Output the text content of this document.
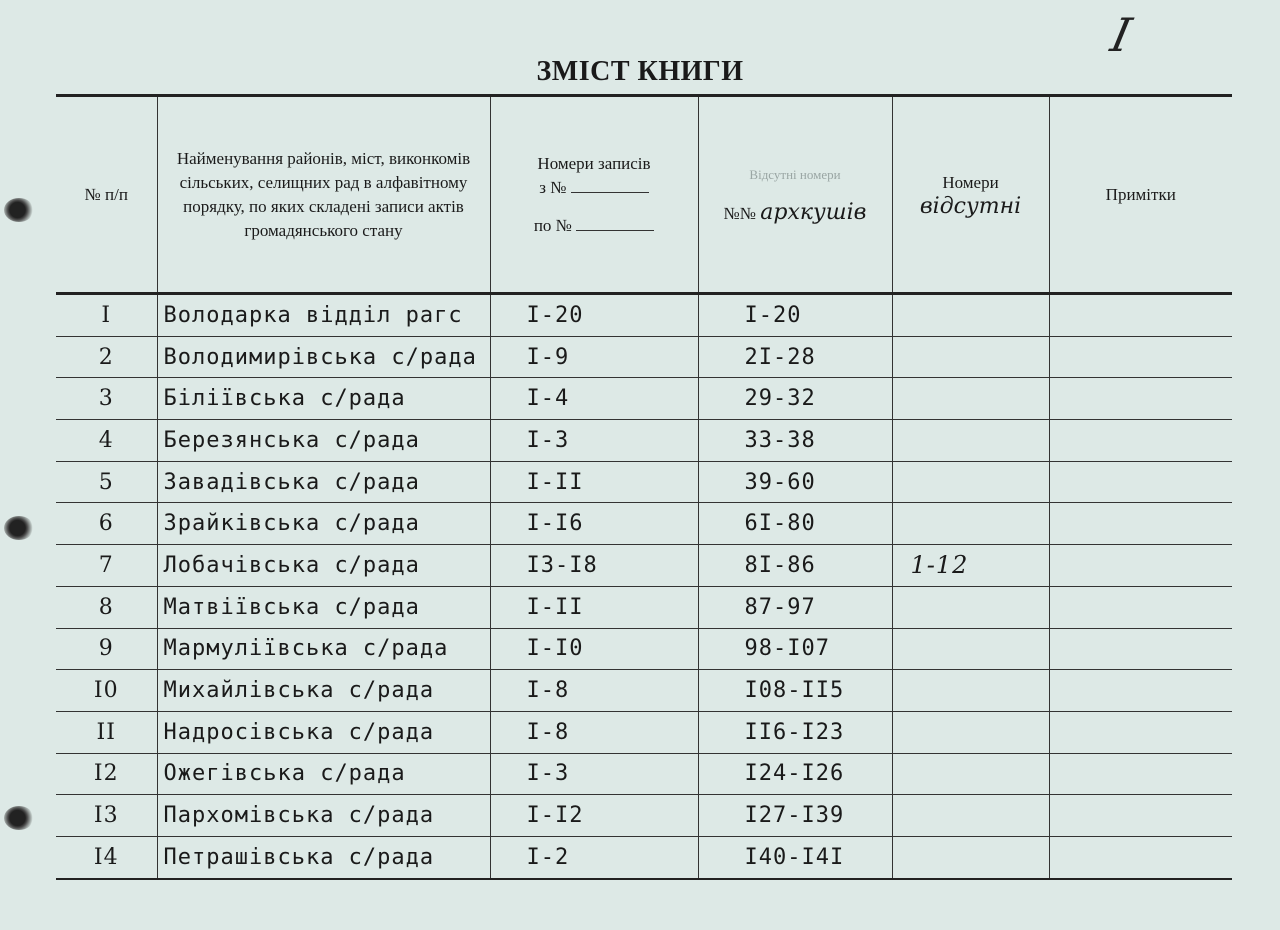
I
ЗМІСТ КНИГИ
№ п/п	Найменування районів, міст, виконкомів сільських, селищних рад в алфавітному порядку, по яких складені записи актів громадянського стану	Номери записів
з №
по №	Відсутні номери
№№ архкушів	Номери
відсутні	Примітки
I	Володарка відділ рагс	I-20	I-20		
2	Володимирівська с/рада	I-9	2I-28		
3	Біліївська с/рада	I-4	29-32		
4	Березянська с/рада	I-3	33-38		
5	Завадівська с/рада	I-II	39-60		
6	Зрайківська с/рада	I-I6	6I-80		
7	Лобачівська с/рада	I3-I8	8I-86	1-12	
8	Матвіївська с/рада	I-II	87-97		
9	Мармуліївська с/рада	I-I0	98-I07		
I0	Михайлівська с/рада	I-8	I08-II5		
II	Надросівська с/рада	I-8	II6-I23		
I2	Ожегівська с/рада	I-3	I24-I26		
I3	Пархомівська с/рада	I-I2	I27-I39		
I4	Петрашівська с/рада	I-2	I40-I4I		
